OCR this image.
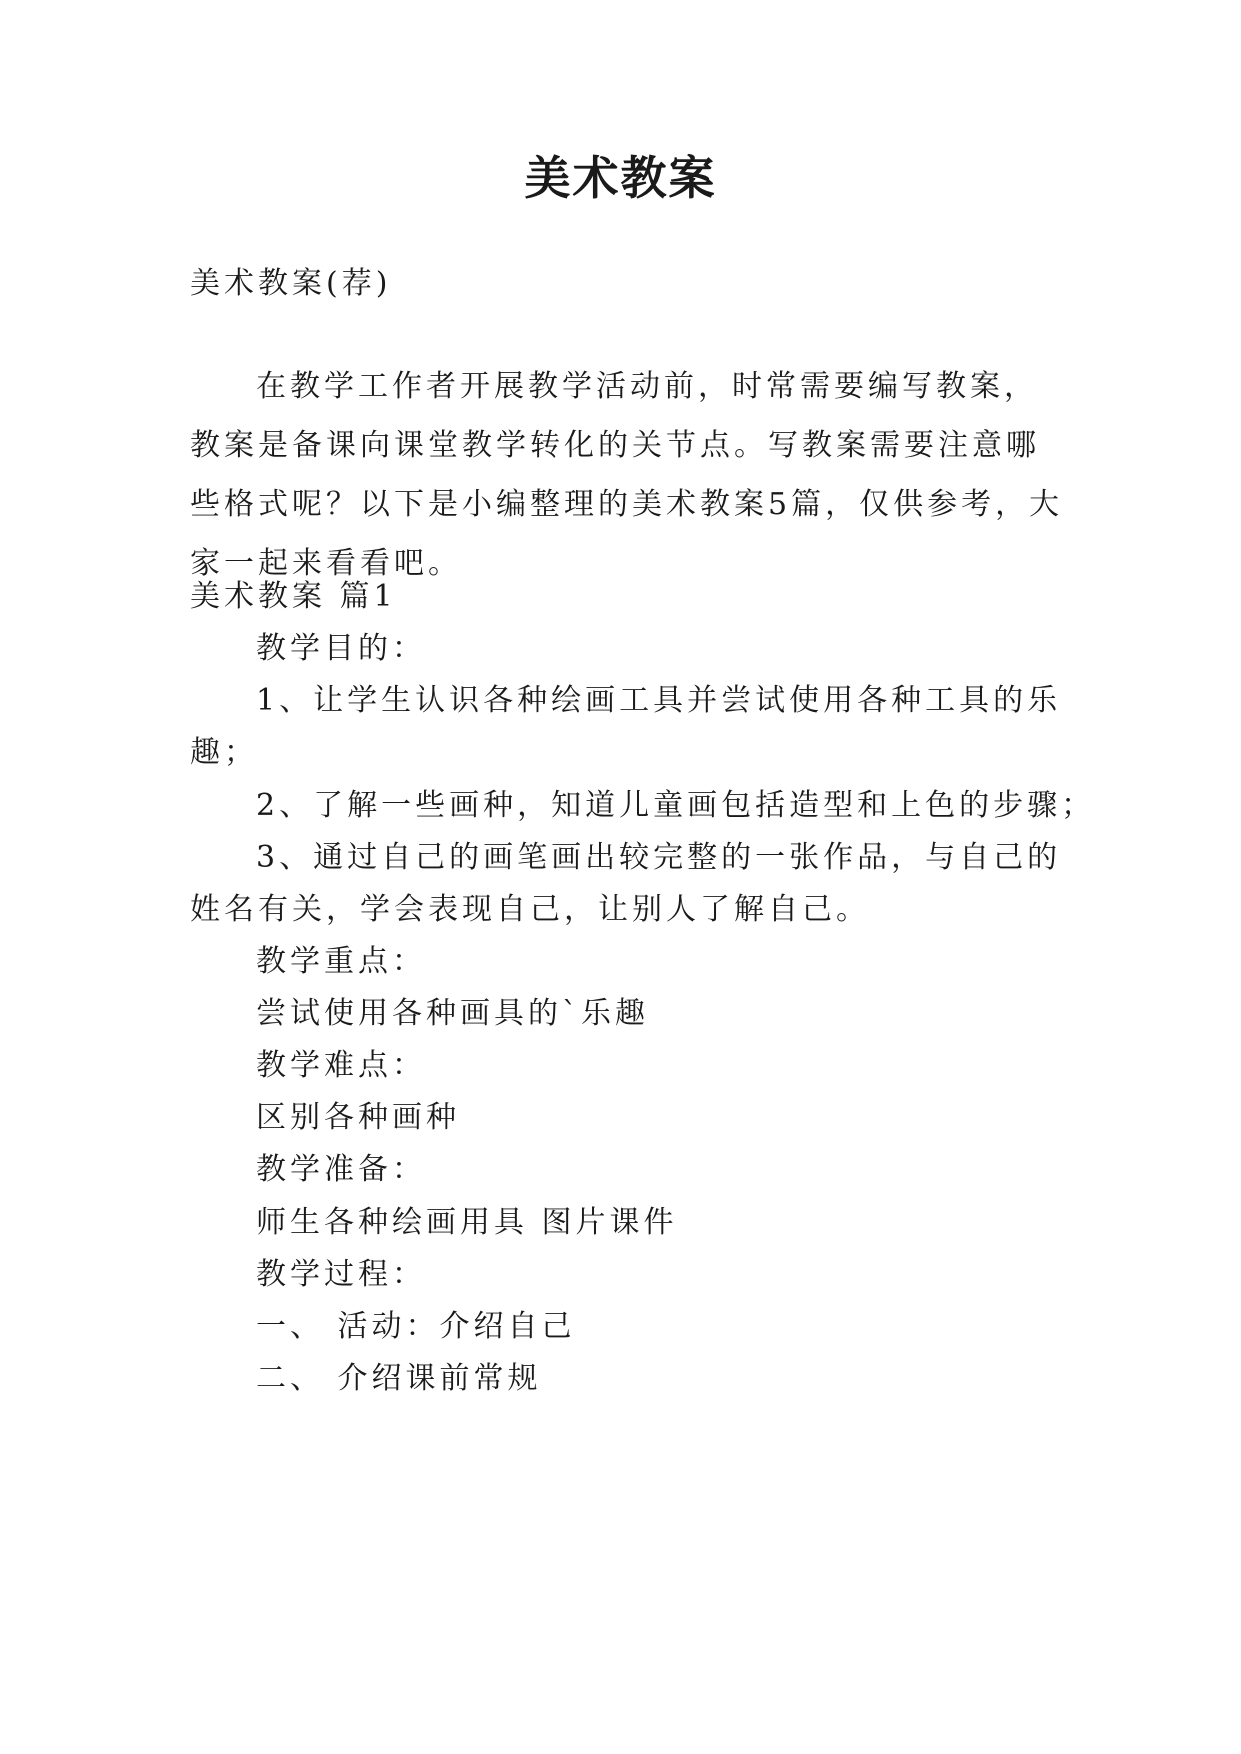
美术教案
美术教案(荐)

在教学工作者开展教学活动前，时常需要编写教案，教案是备课向课堂教学转化的关节点。写教案需要注意哪些格式呢？以下是小编整理的美术教案5篇，仅供参考，大家一起来看看吧。

美术教案 篇1
教学目的：
1、让学生认识各种绘画工具并尝试使用各种工具的乐
趣；
2、了解一些画种，知道儿童画包括造型和上色的步骤；
3、通过自己的画笔画出较完整的一张作品，与自己的
姓名有关，学会表现自己，让别人了解自己。
教学重点：
尝试使用各种画具的`乐趣
教学难点：
区别各种画种
教学准备：
师生各种绘画用具 图片课件
教学过程：
一、 活动：介绍自己
二、 介绍课前常规
